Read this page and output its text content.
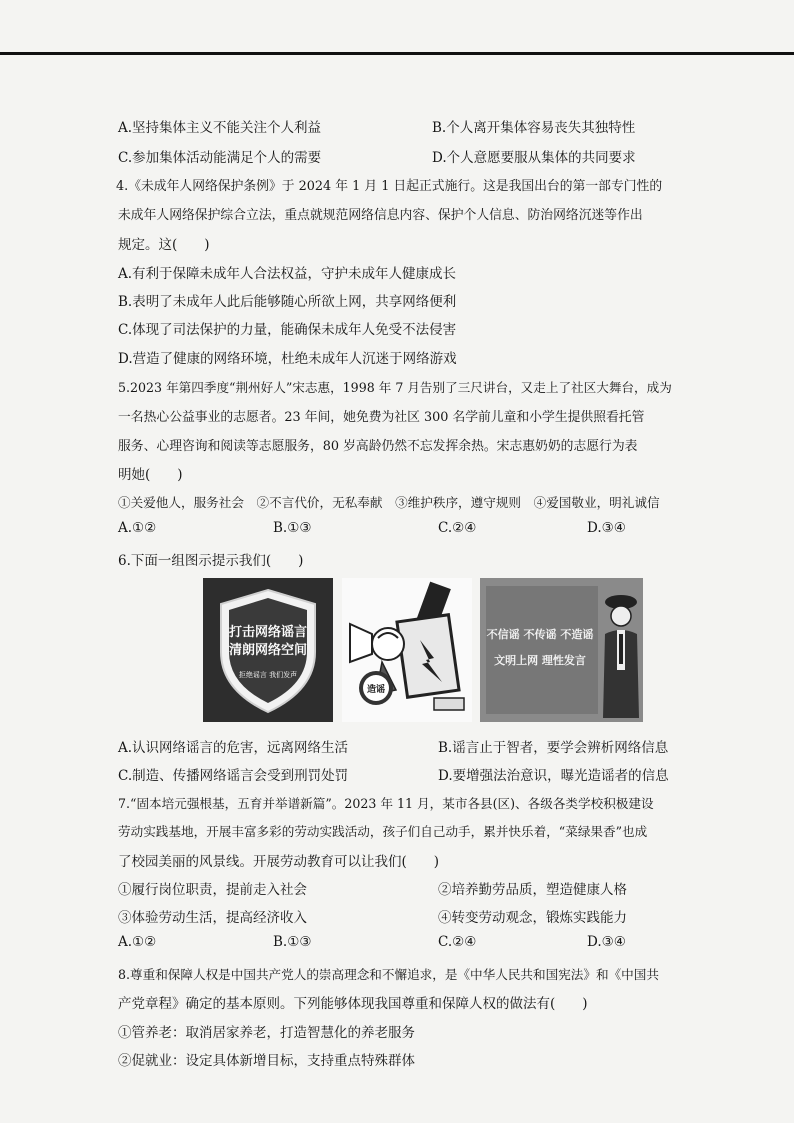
A.坚持集体主义不能关注个人利益	B.个人离开集体容易丧失其独特性
C.参加集体活动能满足个人的需要	D.个人意愿要服从集体的共同要求
4.《未成年人网络保护条例》于 2024 年 1 月 1 日起正式施行。这是我国出台的第一部专门性的
未成年人网络保护综合立法，重点就规范网络信息内容、保护个人信息、防治网络沉迷等作出
规定。这(　　)
A.有利于保障未成年人合法权益，守护未成年人健康成长
B.表明了未成年人此后能够随心所欲上网，共享网络便利
C.体现了司法保护的力量，能确保未成年人免受不法侵害
D.营造了健康的网络环境，杜绝未成年人沉迷于网络游戏
5.2023 年第四季度“荆州好人”宋志惠，1998 年 7 月告别了三尺讲台，又走上了社区大舞台，成为
一名热心公益事业的志愿者。23 年间，她免费为社区 300 名学前儿童和小学生提供照看托管
服务、心理咨询和阅读等志愿服务，80 岁高龄仍然不忘发挥余热。宋志惠奶奶的志愿行为表
明她(　　)
①关爱他人，服务社会　②不言代价，无私奉献　③维护秩序，遵守规则　④爱国敬业，明礼诚信
A.①②	B.①③	C.②④	D.③④
6.下面一组图示提示我们(　　)
打击网络谣言
清朗网络空间
拒绝谣言 我们发声
造谣
不信谣 不传谣 不造谣
文明上网 理性发言
A.认识网络谣言的危害，远离网络生活	B.谣言止于智者，要学会辨析网络信息
C.制造、传播网络谣言会受到刑罚处罚	D.要增强法治意识，曝光造谣者的信息
7.“固本培元强根基，五育并举谱新篇”。2023 年 11 月，某市各县(区)、各级各类学校积极建设
劳动实践基地，开展丰富多彩的劳动实践活动，孩子们自己动手，累并快乐着，“菜绿果香”也成
了校园美丽的风景线。开展劳动教育可以让我们(　　)
①履行岗位职责，提前走入社会	②培养勤劳品质，塑造健康人格
③体验劳动生活，提高经济收入	④转变劳动观念，锻炼实践能力
A.①②	B.①③	C.②④	D.③④
8.尊重和保障人权是中国共产党人的崇高理念和不懈追求，是《中华人民共和国宪法》和《中国共
产党章程》确定的基本原则。下列能够体现我国尊重和保障人权的做法有(　　)
①管养老：取消居家养老，打造智慧化的养老服务
②促就业：设定具体新增目标，支持重点特殊群体
